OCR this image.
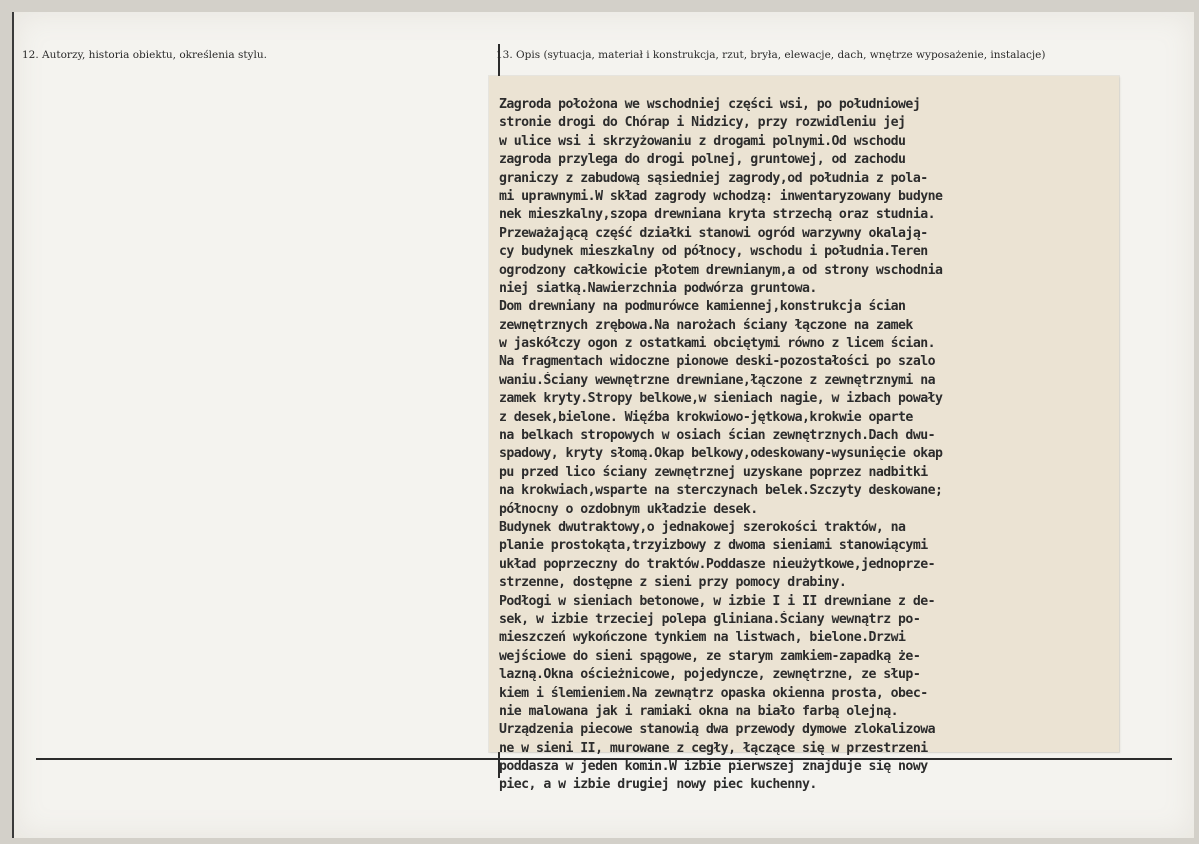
12. Autorzy, historia obiektu, określenia stylu.	13. Opis (sytuacja, materiał i konstrukcja, rzut, bryła, elewacje, dach, wnętrze wyposażenie, instalacje)
Zagroda położona we wschodniej części wsi, po południowej
stronie drogi do Chórap i Nidzicy, przy rozwidleniu jej
w ulice wsi i skrzyżowaniu z drogami polnymi.Od wschodu
zagroda przylega do drogi polnej, gruntowej, od zachodu
graniczy z zabudową sąsiedniej zagrody,od południa z pola-
mi uprawnymi.W skład zagrody wchodzą: inwentaryzowany budyne
nek mieszkalny,szopa drewniana kryta strzechą oraz studnia.
Przeważającą część działki stanowi ogród warzywny okalają-
cy budynek mieszkalny od północy, wschodu i południa.Teren
ogrodzony całkowicie płotem drewnianym,a od strony wschodnia
niej siatką.Nawierzchnia podwórza gruntowa.
Dom drewniany na podmurówce kamiennej,konstrukcja ścian
zewnętrznych zrębowa.Na narożach ściany łączone na zamek
w jaskółczy ogon z ostatkami obciętymi równo z licem ścian.
Na fragmentach widoczne pionowe deski-pozostałości po szalo
waniu.Ściany wewnętrzne drewniane,łączone z zewnętrznymi na
zamek kryty.Stropy belkowe,w sieniach nagie, w izbach powały
z desek,bielone. Więźba krokwiowo-jętkowa,krokwie oparte
na belkach stropowych w osiach ścian zewnętrznych.Dach dwu-
spadowy, kryty słomą.Okap belkowy,odeskowany-wysunięcie okap
pu przed lico ściany zewnętrznej uzyskane poprzez nadbitki
na krokwiach,wsparte na sterczynach belek.Szczyty deskowane;
północny o ozdobnym układzie desek.
Budynek dwutraktowy,o jednakowej szerokości traktów, na
planie prostokąta,trzyizbowy z dwoma sieniami stanowiącymi
układ poprzeczny do traktów.Poddasze nieużytkowe,jednoprze-
strzenne, dostępne z sieni przy pomocy drabiny.
Podłogi w sieniach betonowe, w izbie I i II drewniane z de-
sek, w izbie trzeciej polepa gliniana.Ściany wewnątrz po-
mieszczeń wykończone tynkiem na listwach, bielone.Drzwi
wejściowe do sieni spągowe, ze starym zamkiem-zapadką że-
lazną.Okna ościeżnicowe, pojedyncze, zewnętrzne, ze słup-
kiem i ślemieniem.Na zewnątrz opaska okienna prosta, obec-
nie malowana jak i ramiaki okna na biało farbą olejną.
Urządzenia piecowe stanowią dwa przewody dymowe zlokalizowa
ne w sieni II, murowane z cegły, łączące się w przestrzeni
poddasza w jeden komin.W izbie pierwszej znajduje się nowy
piec, a w izbie drugiej nowy piec kuchenny.
